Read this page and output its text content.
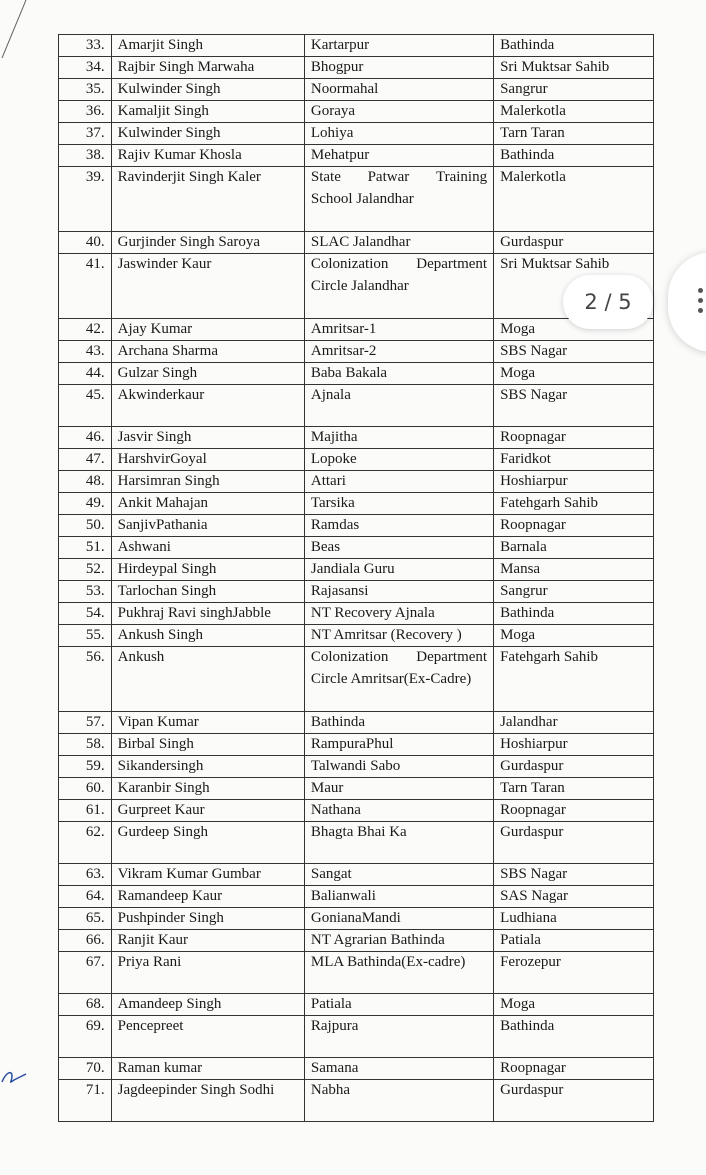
33.	Amarjit Singh	Kartarpur	Bathinda
34.	Rajbir Singh Marwaha	Bhogpur	Sri Muktsar Sahib
35.	Kulwinder Singh	Noormahal	Sangrur
36.	Kamaljit Singh	Goraya	Malerkotla
37.	Kulwinder Singh	Lohiya	Tarn Taran
38.	Rajiv Kumar Khosla	Mehatpur	Bathinda
39.	Ravinderjit Singh Kaler	State Patwar Training
School Jalandhar	Malerkotla
40.	Gurjinder Singh Saroya	SLAC Jalandhar	Gurdaspur
41.	Jaswinder Kaur	Colonization Department
Circle Jalandhar	Sri Muktsar Sahib
42.	Ajay Kumar	Amritsar-1	Moga
43.	Archana Sharma	Amritsar-2	SBS Nagar
44.	Gulzar Singh	Baba Bakala	Moga
45.	Akwinderkaur	Ajnala	SBS Nagar
46.	Jasvir Singh	Majitha	Roopnagar
47.	HarshvirGoyal	Lopoke	Faridkot
48.	Harsimran Singh	Attari	Hoshiarpur
49.	Ankit Mahajan	Tarsika	Fatehgarh Sahib
50.	SanjivPathania	Ramdas	Roopnagar
51.	Ashwani	Beas	Barnala
52.	Hirdeypal Singh	Jandiala Guru	Mansa
53.	Tarlochan Singh	Rajasansi	Sangrur
54.	Pukhraj Ravi singhJabble	NT Recovery Ajnala	Bathinda
55.	Ankush Singh	NT Amritsar (Recovery )	Moga
56.	Ankush	Colonization Department
Circle Amritsar(Ex-Cadre)	Fatehgarh Sahib
57.	Vipan Kumar	Bathinda	Jalandhar
58.	Birbal Singh	RampuraPhul	Hoshiarpur
59.	Sikandersingh	Talwandi Sabo	Gurdaspur
60.	Karanbir Singh	Maur	Tarn Taran
61.	Gurpreet Kaur	Nathana	Roopnagar
62.	Gurdeep Singh	Bhagta Bhai Ka	Gurdaspur
63.	Vikram Kumar Gumbar	Sangat	SBS Nagar
64.	Ramandeep Kaur	Balianwali	SAS Nagar
65.	Pushpinder Singh	GonianaMandi	Ludhiana
66.	Ranjit Kaur	NT Agrarian Bathinda	Patiala
67.	Priya Rani	MLA Bathinda(Ex-cadre)	Ferozepur
68.	Amandeep Singh	Patiala	Moga
69.	Pencepreet	Rajpura	Bathinda
70.	Raman kumar	Samana	Roopnagar
71.	Jagdeepinder Singh Sodhi	Nabha	Gurdaspur
2 / 5
